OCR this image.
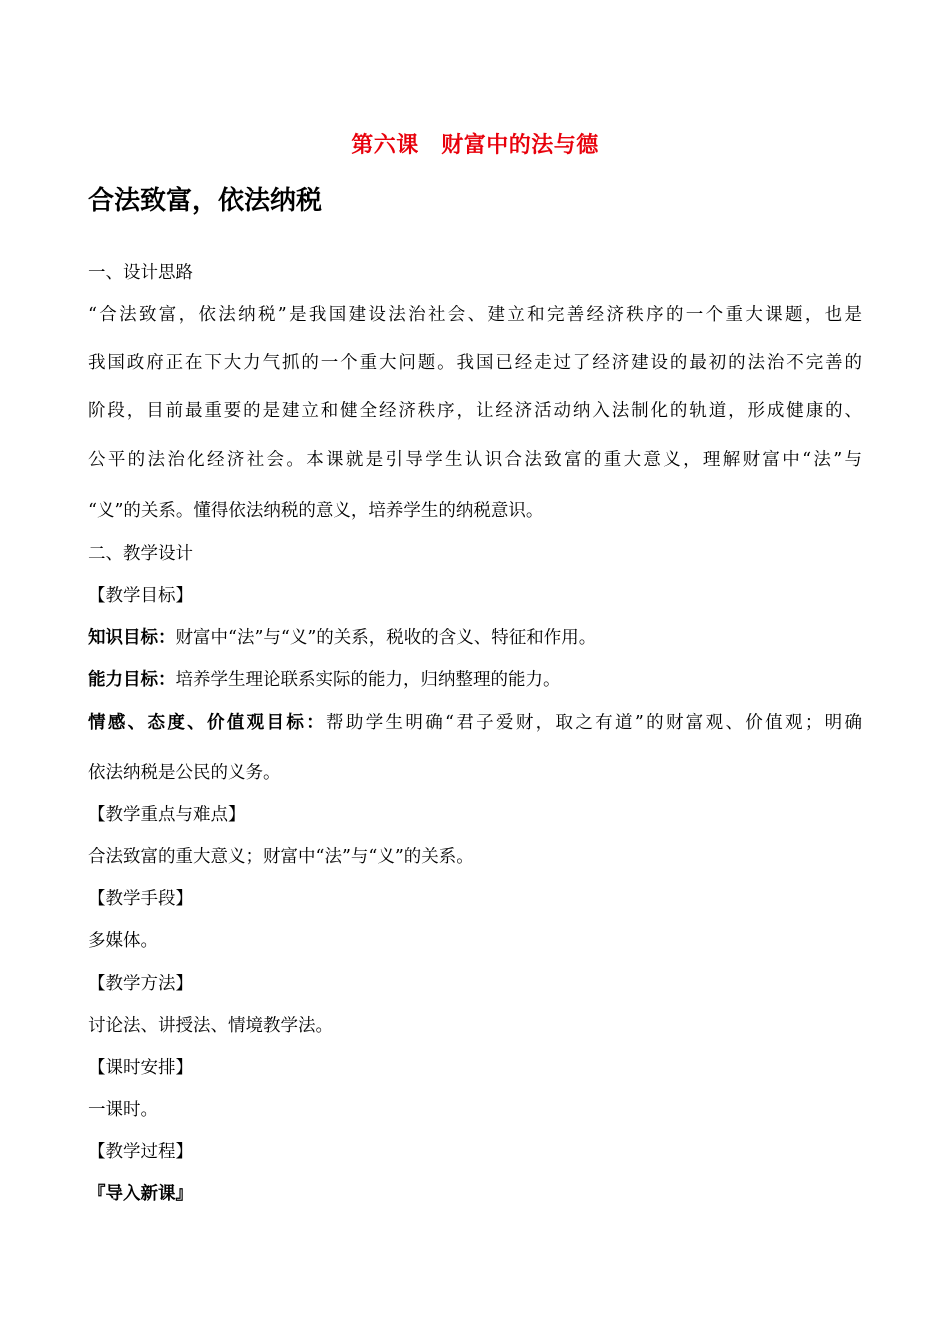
第六课　财富中的法与德
合法致富，依法纳税
一、设计思路
“合法致富，依法纳税”是我国建设法治社会、建立和完善经济秩序的一个重大课题，也是
我国政府正在下大力气抓的一个重大问题。我国已经走过了经济建设的最初的法治不完善的
阶段，目前最重要的是建立和健全经济秩序，让经济活动纳入法制化的轨道，形成健康的、
公平的法治化经济社会。本课就是引导学生认识合法致富的重大意义，理解财富中“法”与
“义”的关系。懂得依法纳税的意义，培养学生的纳税意识。
二、教学设计
【教学目标】
知识目标：财富中“法”与“义”的关系，税收的含义、特征和作用。
能力目标：培养学生理论联系实际的能力，归纳整理的能力。
情感、态度、价值观目标：帮助学生明确“君子爱财，取之有道”的财富观、价值观；明确
依法纳税是公民的义务。
【教学重点与难点】
合法致富的重大意义；财富中“法”与“义”的关系。
【教学手段】
多媒体。
【教学方法】
讨论法、讲授法、情境教学法。
【课时安排】
一课时。
【教学过程】
『导入新课』
